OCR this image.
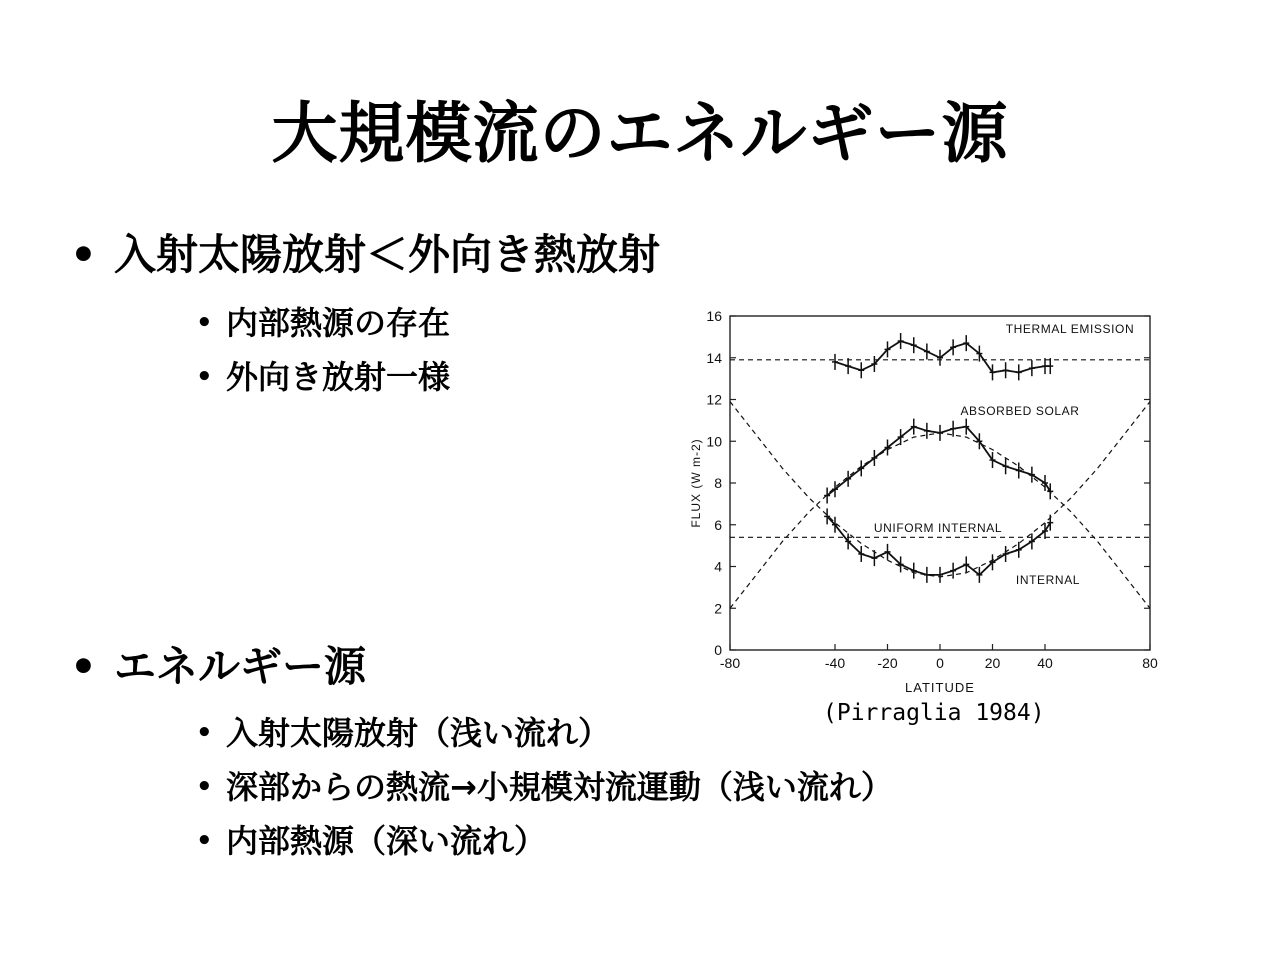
大規模流のエネルギー源
• 入射太陽放射＜外向き熱放射
• 内部熱源の存在
• 外向き放射一様
• エネルギー源
• 入射太陽放射（浅い流れ）
• 深部からの熱流→小規模対流運動（浅い流れ）
• 内部熱源（深い流れ）
0
2
4
6
8
10
12
14
16
-80	-40 -20	0	20	40	80
LATITUDE
FLUX (W m-2)
THERMAL EMISSION
ABSORBED SOLAR
UNIFORM INTERNAL
INTERNAL
(Pirraglia 1984)
